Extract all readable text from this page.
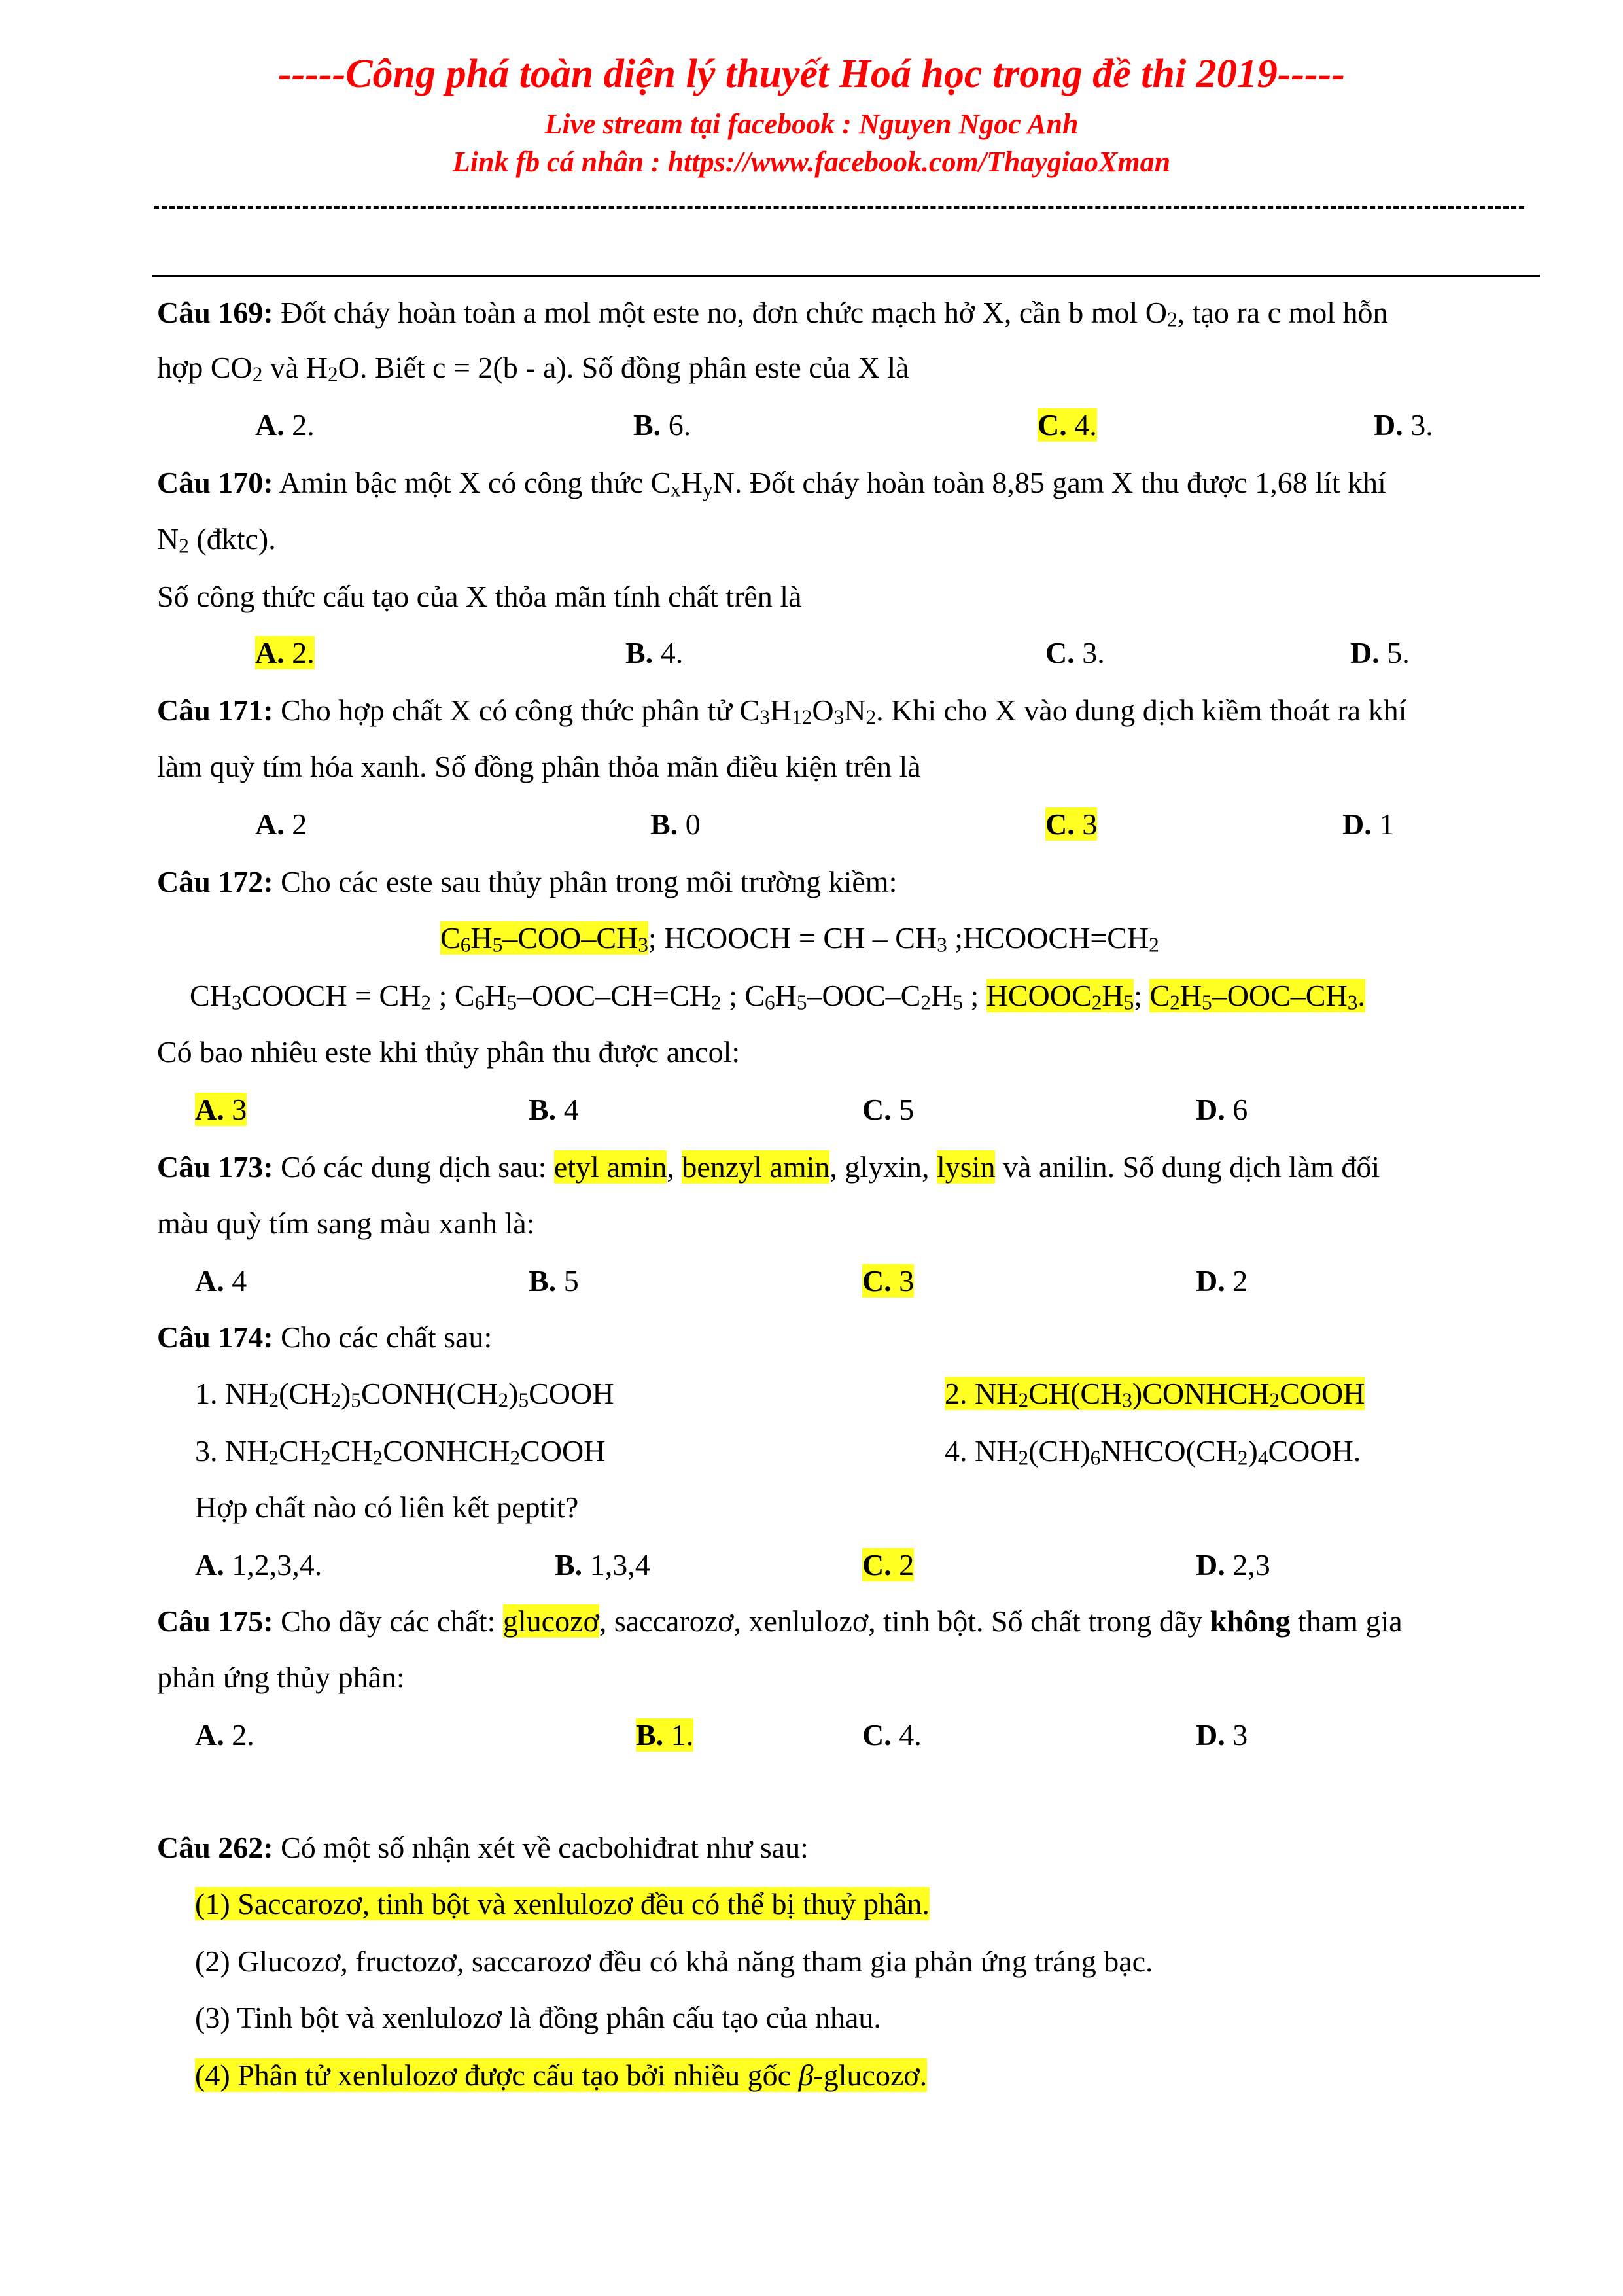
-----Công phá toàn diện lý thuyết Hoá học trong đề thi 2019-----
Live stream tại facebook : Nguyen Ngoc Anh
Link fb cá nhân : https://www.facebook.com/ThaygiaoXman
Câu 169: Đốt cháy hoàn toàn a mol một este no, đơn chức mạch hở X, cần b mol $O_2$, tạo ra c mol hỗn
hợp $CO_2$ và $H_2O$. Biết c = 2(b - a). Số đồng phân este của X là
A. 2.	B. 6.	C. 4.	D. 3.
Câu 170: Amin bậc một X có công thức $C_xH_yN$. Đốt cháy hoàn toàn 8,85 gam X thu được 1,68 lít khí
$N_2$ (đktc).
Số công thức cấu tạo của X thỏa mãn tính chất trên là
A. 2.	B. 4.	C. 3.	D. 5.
Câu 171: Cho hợp chất X có công thức phân tử $C_3H_{12}O_3N_2$. Khi cho X vào dung dịch kiềm thoát ra khí
làm quỳ tím hóa xanh. Số đồng phân thỏa mãn điều kiện trên là
A. 2	B. 0	C. 3	D. 1
Câu 172: Cho các este sau thủy phân trong môi trường kiềm:
$C_6H_5-COO-CH_3$; HCOOCH = CH – $CH_3$ $;HCOOCH=CH_2$
$CH_3COOCH = CH_2$ ; $C_6H_5-OOC-CH=CH_2$ ; $C_6H_5-OOC-C_2H_5$ ; $HCOOC_2H_5$; $C_2H_5-OOC-CH_3$.
Có bao nhiêu este khi thủy phân thu được ancol:
A. 3	B. 4	C. 5	D. 6
Câu 173: Có các dung dịch sau: etyl amin, benzyl amin, glyxin, lysin và anilin. Số dung dịch làm đổi
màu quỳ tím sang màu xanh là:
A. 4	B. 5	C. 3	D. 2
Câu 174: Cho các chất sau:
1. $NH_2(CH_2)_5CONH(CH_2)_5COOH$	2. $NH_2CH(CH_3)CONHCH_2COOH$
3. $NH_2CH_2CH_2CONHCH_2COOH$	4. $NH_2(CH)_6NHCO(CH_2)_4COOH$.
Hợp chất nào có liên kết peptit?
A. 1,2,3,4.	B. 1,3,4	C. 2	D. 2,3
Câu 175: Cho dãy các chất: glucozơ, saccarozơ, xenlulozơ, tinh bột. Số chất trong dãy không tham gia
phản ứng thủy phân:
A. 2.	B. 1.	C. 4.	D. 3
Câu 262: Có một số nhận xét về cacbohiđrat như sau:
(1) Saccarozơ, tinh bột và xenlulozơ đều có thể bị thuỷ phân.
(2) Glucozơ, fructozơ, saccarozơ đều có khả năng tham gia phản ứng tráng bạc.
(3) Tinh bột và xenlulozơ là đồng phân cấu tạo của nhau.
(4) Phân tử xenlulozơ được cấu tạo bởi nhiều gốc β-glucozơ.
